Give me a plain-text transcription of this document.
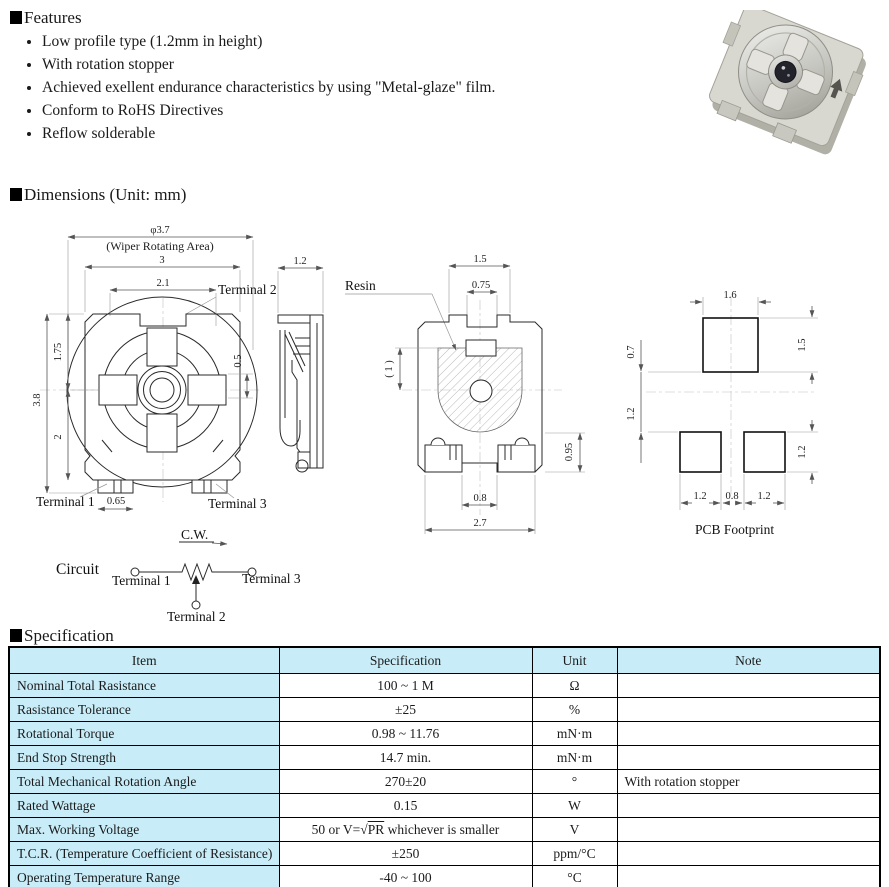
Features
• Low profile type (1.2mm in height)
• With rotation stopper
• Achieved exellent endurance characteristics by using "Metal-glaze" film.
• Conform to RoHS Directives
• Reflow solderable
Dimensions (Unit: mm)
φ3.7
(Wiper Rotating Area)
3
2.1	Terminal 2
3.8
1.75
2
0.5
Terminal 1 0.65	Terminal 3
1.2	1.5
0.75
Resin
( 1 )
0.95
0.8
2.7
1.6
1.5
0.7
1.2
1.2 0.8 1.2
1.2
PCB Footprint
Circuit
C.W.
Terminal 1	Terminal 3
Terminal 2
Specification
Item	Specification	Unit	Note
Nominal Total Rasistance	100 ~ 1 M	Ω	
Rasistance Tolerance	±25	%	
Rotational Torque	0.98 ~ 11.76	mN·m	
End Stop Strength	14.7 min.	mN·m	
Total Mechanical Rotation Angle	270±20	°	With rotation stopper
Rated Wattage	0.15	W	
Max. Working Voltage	50 or V=√PR whichever is smaller	V	
T.C.R. (Temperature Coefficient of Resistance)	±250	ppm/°C	
Operating Temperature Range	-40 ~ 100	°C	
